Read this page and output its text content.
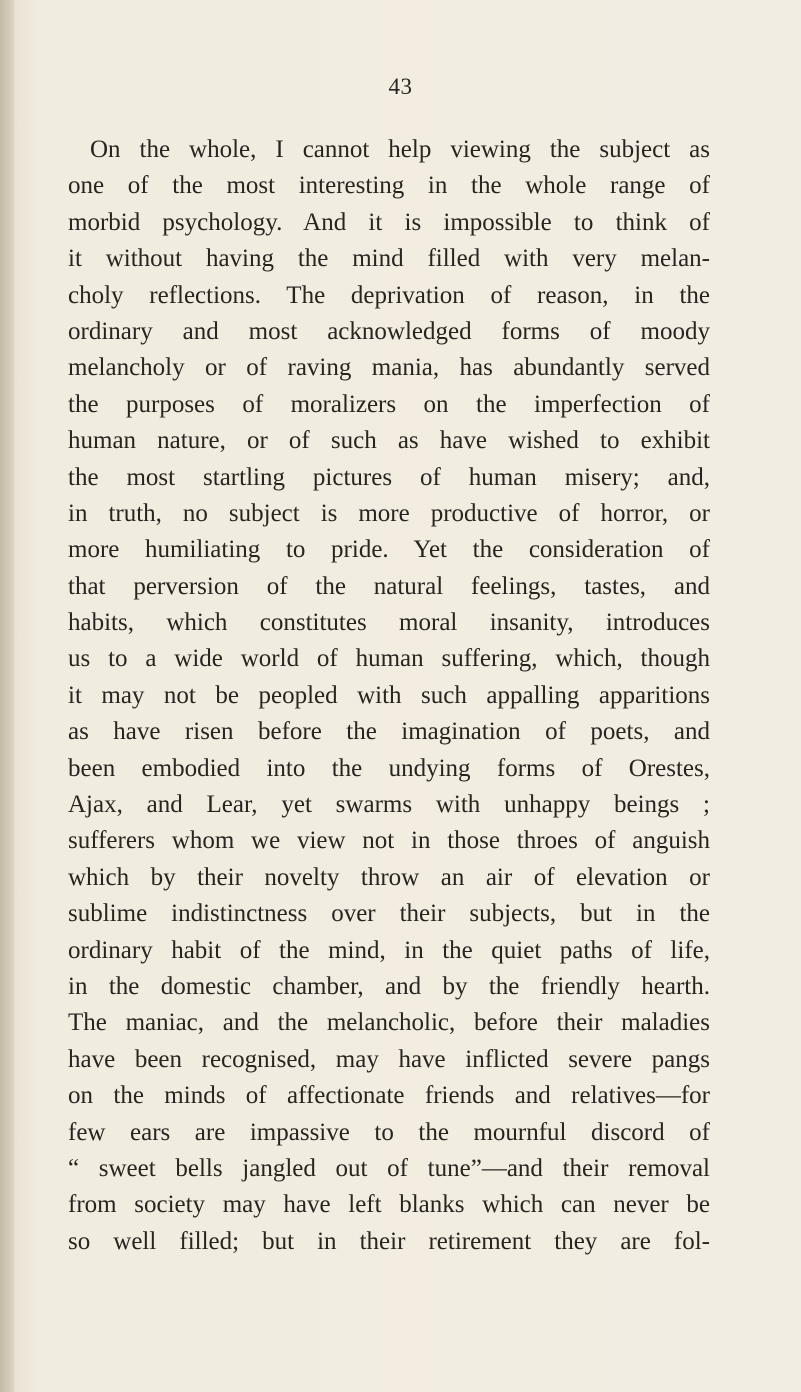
43
On the whole, I cannot help viewing the subject as
one of the most interesting in the whole range of
morbid psychology. And it is impossible to think of
it without having the mind filled with very melan-
choly reflections. The deprivation of reason, in the
ordinary and most acknowledged forms of moody
melancholy or of raving mania, has abundantly served
the purposes of moralizers on the imperfection of
human nature, or of such as have wished to exhibit
the most startling pictures of human misery; and,
in truth, no subject is more productive of horror, or
more humiliating to pride. Yet the consideration of
that perversion of the natural feelings, tastes, and
habits, which constitutes moral insanity, introduces
us to a wide world of human suffering, which, though
it may not be peopled with such appalling apparitions
as have risen before the imagination of poets, and
been embodied into the undying forms of Orestes,
Ajax, and Lear, yet swarms with unhappy beings ;
sufferers whom we view not in those throes of anguish
which by their novelty throw an air of elevation or
sublime indistinctness over their subjects, but in the
ordinary habit of the mind, in the quiet paths of life,
in the domestic chamber, and by the friendly hearth.
The maniac, and the melancholic, before their maladies
have been recognised, may have inflicted severe pangs
on the minds of affectionate friends and relatives—for
few ears are impassive to the mournful discord of
“ sweet bells jangled out of tune”—and their removal
from society may have left blanks which can never be
so well filled; but in their retirement they are fol-
